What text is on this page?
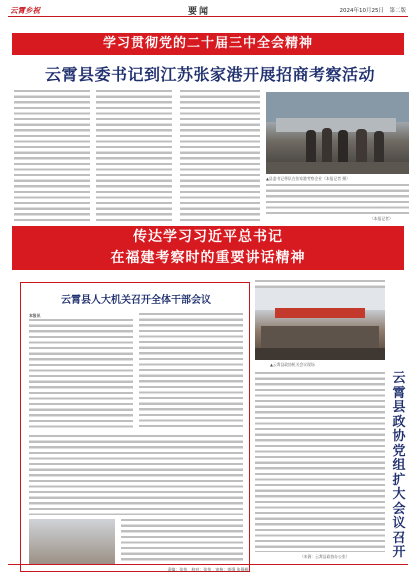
云霄乡祝	要闻	2024年10月25日　第二版
学习贯彻党的二十届三中全会精神
云霄县委书记到江苏张家港开展招商考察活动
▲县委书记带队在张家港考察企业（本报记者 摄）
（本报记者）
传达学习习近平总书记
在福建考察时的重要讲话精神
云霄县人大机关召开全体干部会议
本报讯
▲云霄县政协机关会议现场
（来源：云霄县政协办公室）
云霄县政协党组扩大会议召开
责编：张怡　校对：张怡　审核：郭强 张静雅
